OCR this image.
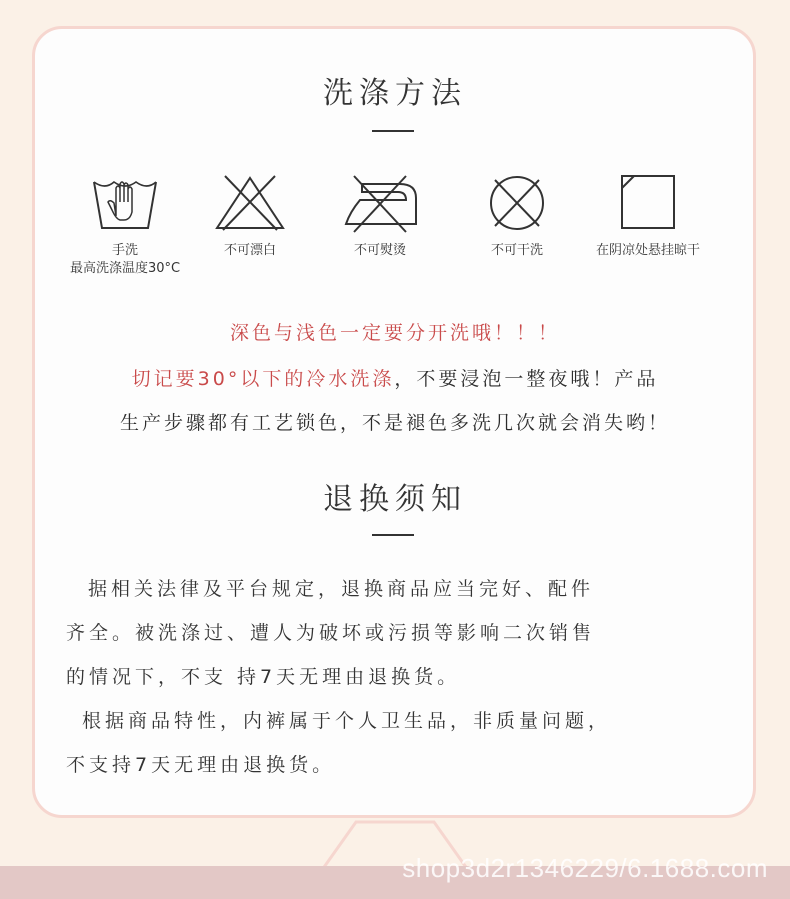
shop3d2r1346229/6.1688.com
洗涤方法
手洗
最高洗涤温度30°C
不可漂白	不可熨烫	不可干洗	在阴凉处悬挂晾干
深色与浅色一定要分开洗哦！！！
切记要30°以下的冷水洗涤，不要浸泡一整夜哦！产品
生产步骤都有工艺锁色，不是褪色多洗几次就会消失哟！
退换须知
据相关法律及平台规定，退换商品应当完好、配件
齐全。被洗涤过、遭人为破坏或污损等影响二次销售
的情况下，不支 持7天无理由退换货。
根据商品特性，内裤属于个人卫生品，非质量问题，
不支持7天无理由退换货。
